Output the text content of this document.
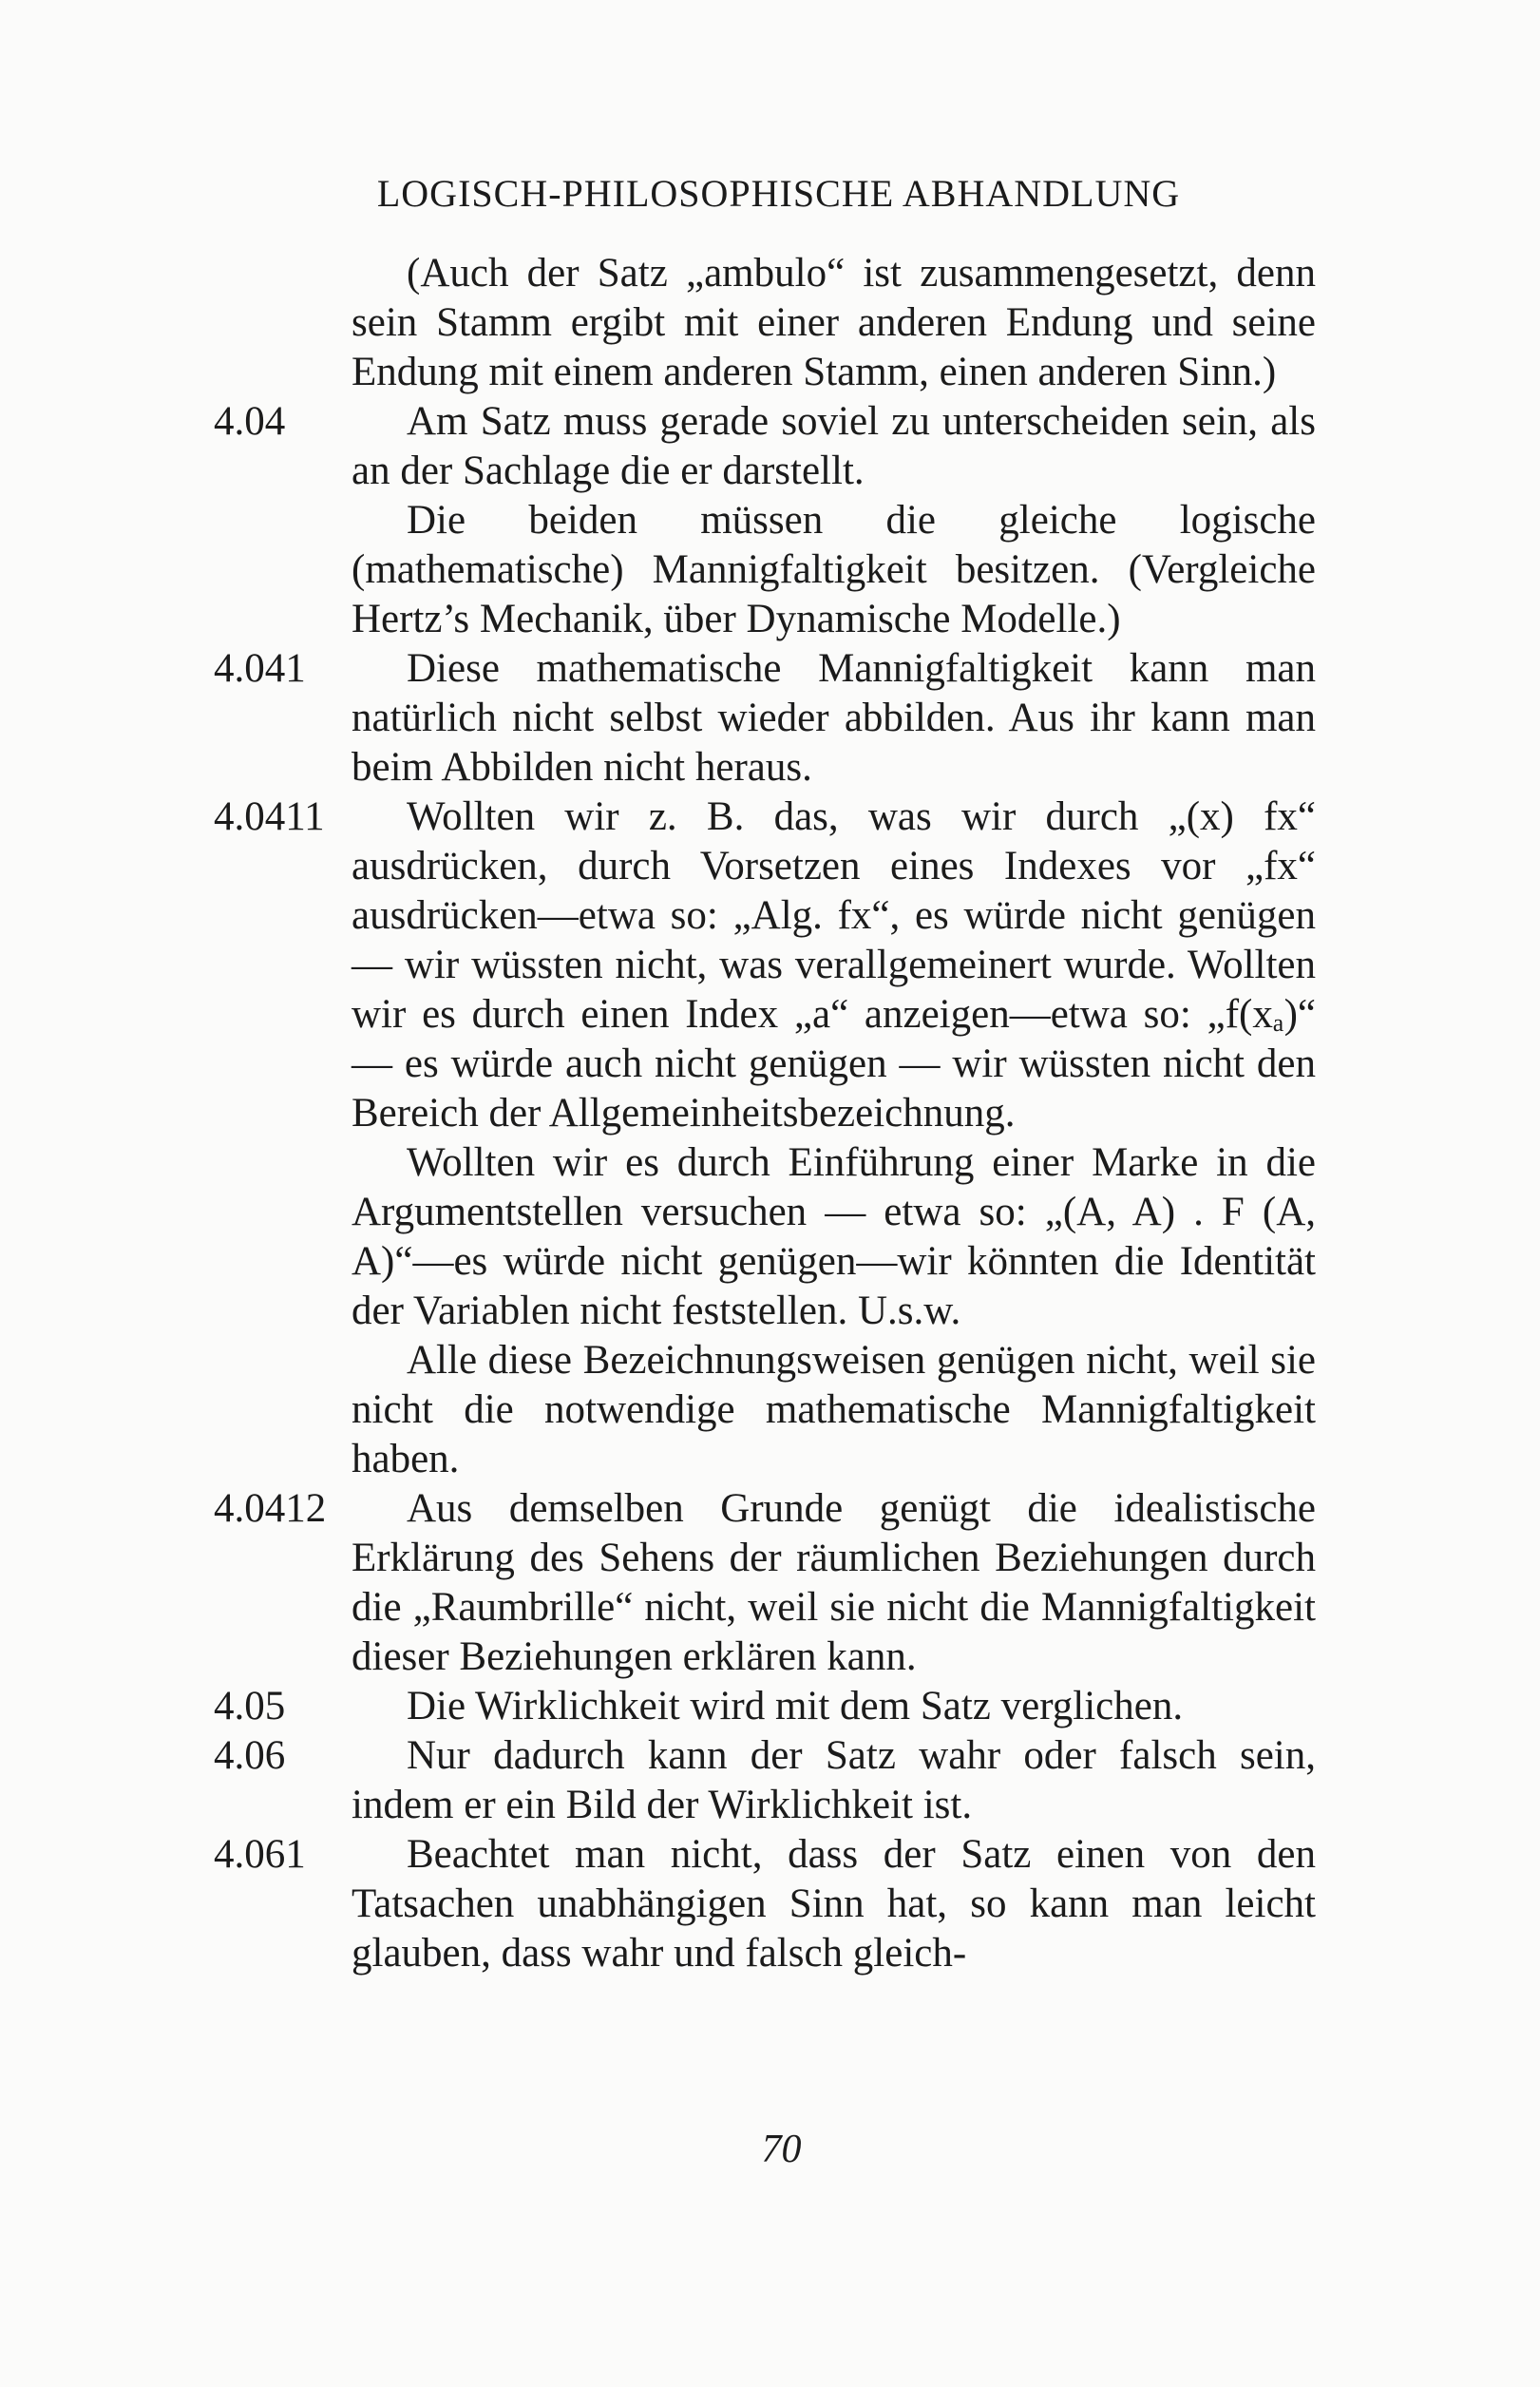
LOGISCH-PHILOSOPHISCHE ABHANDLUNG
(Auch der Satz „ambulo“ ist zusammengesetzt, denn sein Stamm ergibt mit einer anderen Endung und seine Endung mit einem anderen Stamm, einen anderen Sinn.)
4.04	Am Satz muss gerade soviel zu unterscheiden sein, als an der Sachlage die er darstellt.
Die beiden müssen die gleiche logische (mathematische) Mannigfaltigkeit besitzen. (Vergleiche Hertz’s Mechanik, über Dynamische Modelle.)
4.041	Diese mathematische Mannigfaltigkeit kann man natürlich nicht selbst wieder abbilden. Aus ihr kann man beim Abbilden nicht heraus.
4.0411	Wollten wir z. B. das, was wir durch „(x) fx“ ausdrücken, durch Vorsetzen eines Indexes vor „fx“ ausdrücken—etwa so: „Alg. fx“, es würde nicht genügen — wir wüssten nicht, was verallgemeinert wurde. Wollten wir es durch einen Index „a“ anzeigen—etwa so: „f(xₐ)“ — es würde auch nicht genügen — wir wüssten nicht den Bereich der Allgemeinheitsbezeichnung.
Wollten wir es durch Einführung einer Marke in die Argumentstellen versuchen — etwa so: „(A, A) . F (A, A)“—es würde nicht genügen—wir könnten die Identität der Variablen nicht feststellen. U.s.w.
Alle diese Bezeichnungsweisen genügen nicht, weil sie nicht die notwendige mathematische Mannigfaltigkeit haben.
4.0412	Aus demselben Grunde genügt die idealistische Erklärung des Sehens der räumlichen Beziehungen durch die „Raumbrille“ nicht, weil sie nicht die Mannigfaltigkeit dieser Beziehungen erklären kann.
4.05	Die Wirklichkeit wird mit dem Satz verglichen.
4.06	Nur dadurch kann der Satz wahr oder falsch sein, indem er ein Bild der Wirklichkeit ist.
4.061	Beachtet man nicht, dass der Satz einen von den Tatsachen unabhängigen Sinn hat, so kann man leicht glauben, dass wahr und falsch gleich-
70
